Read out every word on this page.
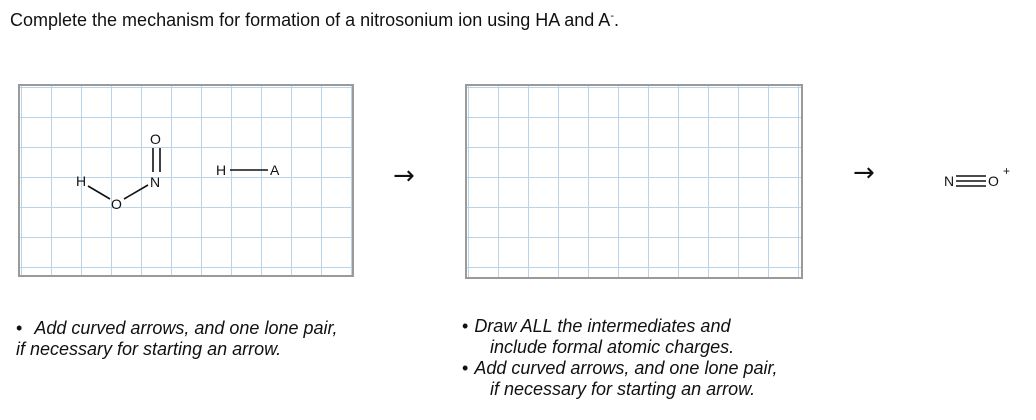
Complete the mechanism for formation of a nitrosonium ion using HA and A-.
H
O
N
O
H	A	→	→	N O
+
• Add curved arrows, and one lone pair,
if necessary for starting an arrow.
• Draw ALL the intermediates and
include formal atomic charges.
• Add curved arrows, and one lone pair,
if necessary for starting an arrow.
